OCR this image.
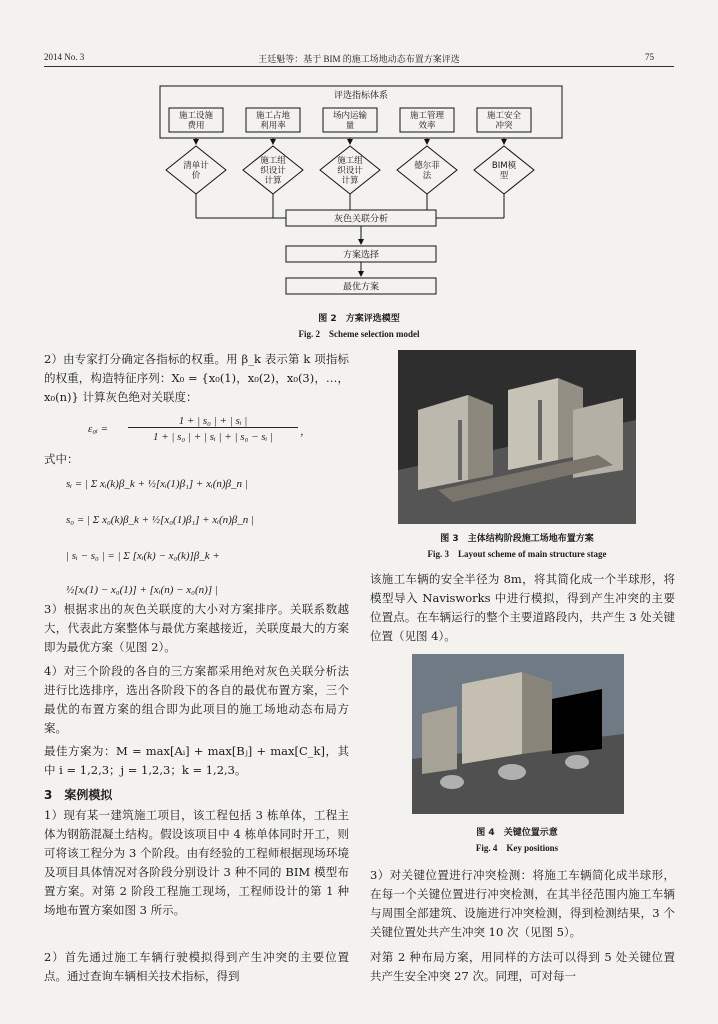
2014 No. 3	王廷魁等：基于 BIM 的施工场地动态布置方案评选	75
评选指标体系
施工设施
费用
施工占地
利用率
场内运输
量
施工管理
效率
施工安全
冲突
清单计
价
施工组
织设计
计算
施工组
织设计
计算
德尔菲
法
BIM模
型
灰色关联分析
方案选择
最优方案
图 2　方案评选模型
Fig. 2　Scheme selection model
2）由专家打分确定各指标的权重。用 β_k 表示第 k 项指标的权重，构造特征序列：X₀ = {x₀(1)，x₀(2)，x₀(3)，…，x₀(n)} 计算灰色绝对关联度：
ε₀ᵢ =
1 + | s₀ | + | sᵢ |
1 + | s₀ | + | sᵢ | + | s₀ − sᵢ |	，
式中：
sᵢ = | Σ xᵢ(k)β_k + ½[xᵢ(1)β₁] + xᵢ(n)β_n |
s₀ = | Σ x₀(k)β_k + ½[x₀(1)β₁] + xᵢ(n)β_n |
| sᵢ − s₀ | = | Σ [xᵢ(k) − x₀(k)]β_k +
½[xᵢ(1) − x₀(1)] + [xᵢ(n) − x₀(n)] |
3）根据求出的灰色关联度的大小对方案排序。关联系数越大，代表此方案整体与最优方案越接近，关联度最大的方案即为最优方案（见图 2）。
4）对三个阶段的各自的三方案都采用绝对灰色关联分析法进行比选排序，选出各阶段下的各自的最优布置方案，三个最优的布置方案的组合即为此项目的施工场地动态布局方案。
最佳方案为：M = max[Aᵢ] + max[Bⱼ] + max[C_k]，其中 i = 1,2,3；j = 1,2,3；k = 1,2,3。
3　案例模拟
1）现有某一建筑施工项目，该工程包括 3 栋单体，工程主体为钢筋混凝土结构。假设该项目中 4 栋单体同时开工，则可将该工程分为 3 个阶段。由有经验的工程师根据现场环境及项目具体情况对各阶段分别设计 3 种不同的 BIM 模型布置方案。对第 2 阶段工程施工现场，工程师设计的第 1 种场地布置方案如图 3 所示。
2）首先通过施工车辆行驶模拟得到产生冲突的主要位置点。通过查询车辆相关技术指标，得到
图 3　主体结构阶段施工场地布置方案
Fig. 3　Layout scheme of main structure stage
该施工车辆的安全半径为 8m，将其简化成一个半球形，将模型导入 Navisworks 中进行模拟，得到产生冲突的主要位置点。在车辆运行的整个主要道路段内，共产生 3 处关键位置（见图 4）。
图 4　关键位置示意
Fig. 4　Key positions
3）对关键位置进行冲突检测：将施工车辆简化成半球形，在每一个关键位置进行冲突检测，在其半径范围内施工车辆与周围全部建筑、设施进行冲突检测，得到检测结果，3 个关键位置处共产生冲突 10 次（见图 5）。
对第 2 种布局方案，用同样的方法可以得到 5 处关键位置共产生安全冲突 27 次。同理，可对每一
